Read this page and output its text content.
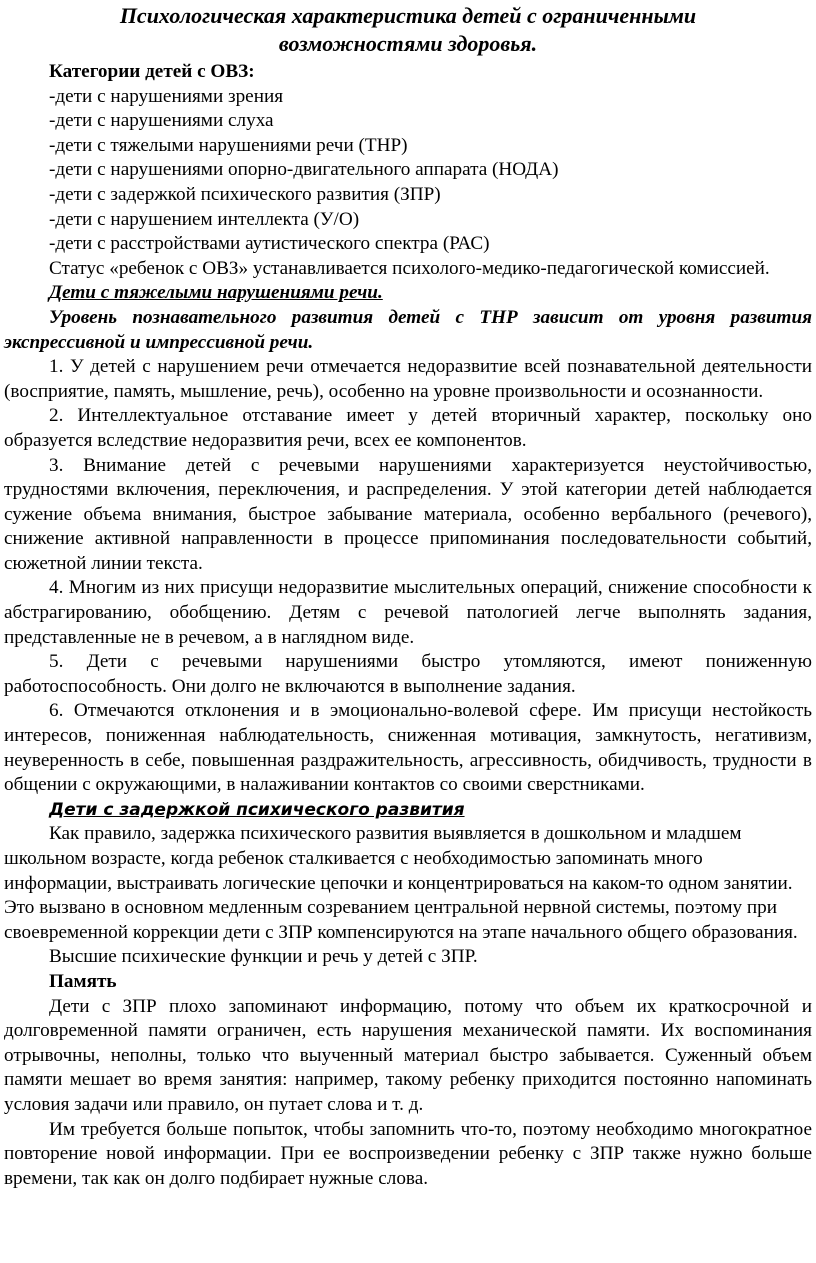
Психологическая характеристика детей с ограниченными
возможностями здоровья.
Категории детей с ОВЗ:
-дети с нарушениями зрения
-дети с нарушениями слуха
-дети с тяжелыми нарушениями речи (ТНР)
-дети с нарушениями опорно-двигательного аппарата (НОДА)
-дети с задержкой психического развития (ЗПР)
-дети с нарушением интеллекта (У/О)
-дети с расстройствами аутистического спектра (РАС)

Статус «ребенок с ОВЗ» устанавливается психолого-медико-педагогической комиссией.

Дети с тяжелыми нарушениями речи.

Уровень познавательного развития детей с ТНР зависит от уровня развития экспрессивной и импрессивной речи.

1. У детей с нарушением речи отмечается недоразвитие всей познавательной деятельности (восприятие, память, мышление, речь), особенно на уровне произвольности и осознанности.

2. Интеллектуальное отставание имеет у детей вторичный характер, поскольку оно образуется вследствие недоразвития речи, всех ее компонентов.

3. Внимание детей с речевыми нарушениями характеризуется неустойчивостью, трудностями включения, переключения, и распределения. У этой категории детей наблюдается сужение объема внимания, быстрое забывание материала, особенно вербального (речевого), снижение активной направленности в процессе припоминания последовательности событий, сюжетной линии текста.

4. Многим из них присущи недоразвитие мыслительных операций, снижение способности к абстрагированию, обобщению. Детям с речевой патологией легче выполнять задания, представленные не в речевом, а в наглядном виде.

5. Дети с речевыми нарушениями быстро утомляются, имеют пониженную работоспособность. Они долго не включаются в выполнение задания.

6. Отмечаются отклонения и в эмоционально-волевой сфере. Им присущи нестойкость интересов, пониженная наблюдательность, сниженная мотивация, замкнутость, негативизм, неуверенность в себе, повышенная раздражительность, агрессивность, обидчивость, трудности в общении с окружающими, в налаживании контактов со своими сверстниками.

Дети с задержкой психического развития

Как правило, задержка психического развития выявляется в дошкольном и младшем школьном возрасте, когда ребенок сталкивается с необходимостью запоминать много информации, выстраивать логические цепочки и концентрироваться на каком-то одном занятии. Это вызвано в основном медленным созреванием центральной нервной системы, поэтому при своевременной коррекции дети с ЗПР компенсируются на этапе начального общего образования.

Высшие психические функции и речь у детей с ЗПР.

Память

Дети с ЗПР плохо запоминают информацию, потому что объем их краткосрочной и долговременной памяти ограничен, есть нарушения механической памяти. Их воспоминания отрывочны, неполны, только что выученный материал быстро забывается. Суженный объем памяти мешает во время занятия: например, такому ребенку приходится постоянно напоминать условия задачи или правило, он путает слова и т. д.

Им требуется больше попыток, чтобы запомнить что-то, поэтому необходимо многократное повторение новой информации. При ее воспроизведении ребенку с ЗПР также нужно больше времени, так как он долго подбирает нужные слова.
